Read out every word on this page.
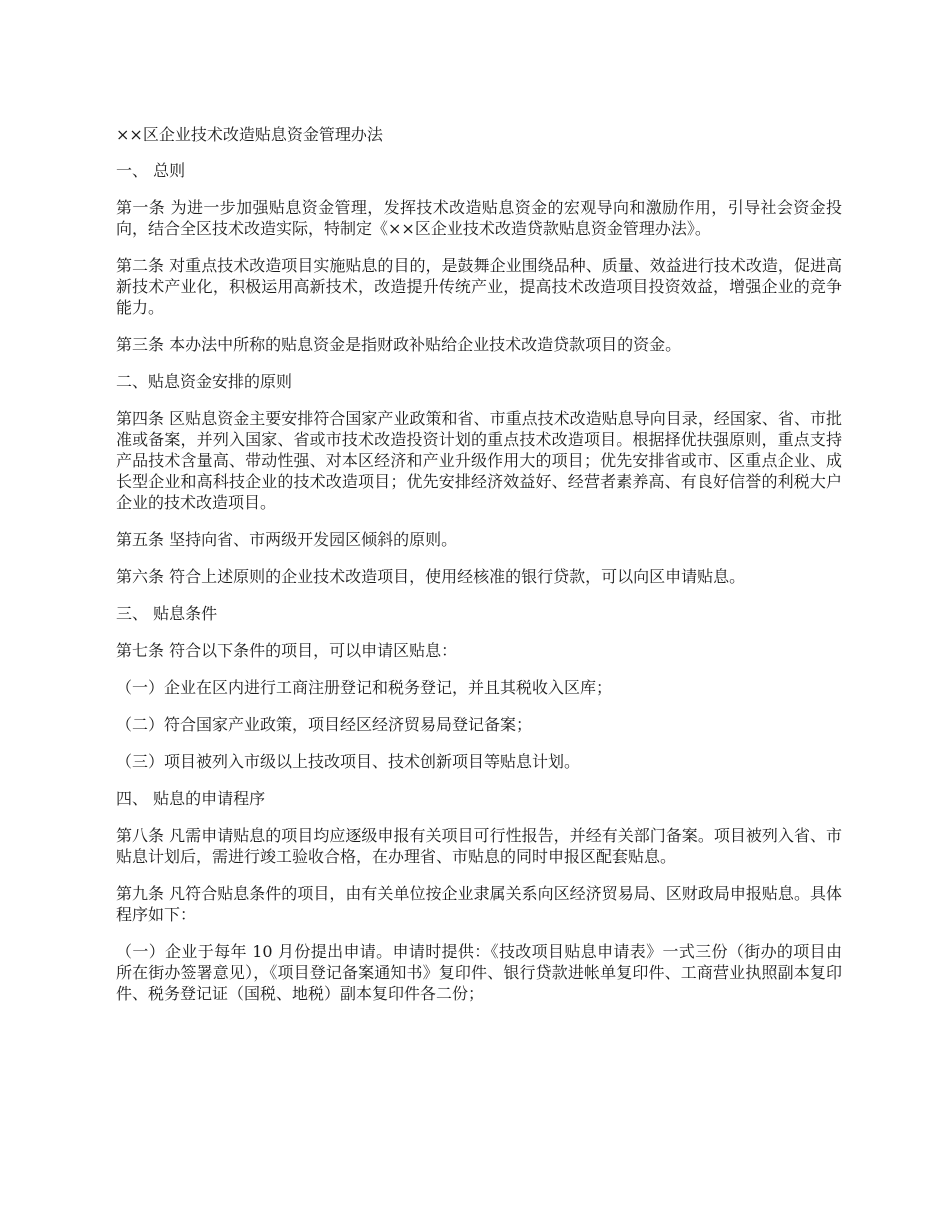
××区企业技术改造贴息资金管理办法

一、 总则

第一条 为进一步加强贴息资金管理，发挥技术改造贴息资金的宏观导向和激励作用，引导社会资金投向，结合全区技术改造实际，特制定《××区企业技术改造贷款贴息资金管理办法》。

第二条 对重点技术改造项目实施贴息的目的，是鼓舞企业围绕品种、质量、效益进行技术改造，促进高新技术产业化，积极运用高新技术，改造提升传统产业，提高技术改造项目投资效益，增强企业的竞争能力。

第三条 本办法中所称的贴息资金是指财政补贴给企业技术改造贷款项目的资金。

二、贴息资金安排的原则

第四条 区贴息资金主要安排符合国家产业政策和省、市重点技术改造贴息导向目录，经国家、省、市批准或备案，并列入国家、省或市技术改造投资计划的重点技术改造项目。根据择优扶强原则，重点支持产品技术含量高、带动性强、对本区经济和产业升级作用大的项目；优先安排省或市、区重点企业、成长型企业和高科技企业的技术改造项目；优先安排经济效益好、经营者素养高、有良好信誉的利税大户企业的技术改造项目。

第五条 坚持向省、市两级开发园区倾斜的原则。

第六条 符合上述原则的企业技术改造项目，使用经核准的银行贷款，可以向区申请贴息。

三、 贴息条件

第七条 符合以下条件的项目，可以申请区贴息：

（一）企业在区内进行工商注册登记和税务登记，并且其税收入区库；

（二）符合国家产业政策，项目经区经济贸易局登记备案；

（三）项目被列入市级以上技改项目、技术创新项目等贴息计划。

四、 贴息的申请程序

第八条 凡需申请贴息的项目均应逐级申报有关项目可行性报告，并经有关部门备案。项目被列入省、市贴息计划后，需进行竣工验收合格，在办理省、市贴息的同时申报区配套贴息。

第九条 凡符合贴息条件的项目，由有关单位按企业隶属关系向区经济贸易局、区财政局申报贴息。具体程序如下：

（一）企业于每年 10 月份提出申请。申请时提供：《技改项目贴息申请表》一式三份（街办的项目由所在街办签署意见），《项目登记备案通知书》复印件、银行贷款进帐单复印件、工商营业执照副本复印件、税务登记证（国税、地税）副本复印件各二份；
